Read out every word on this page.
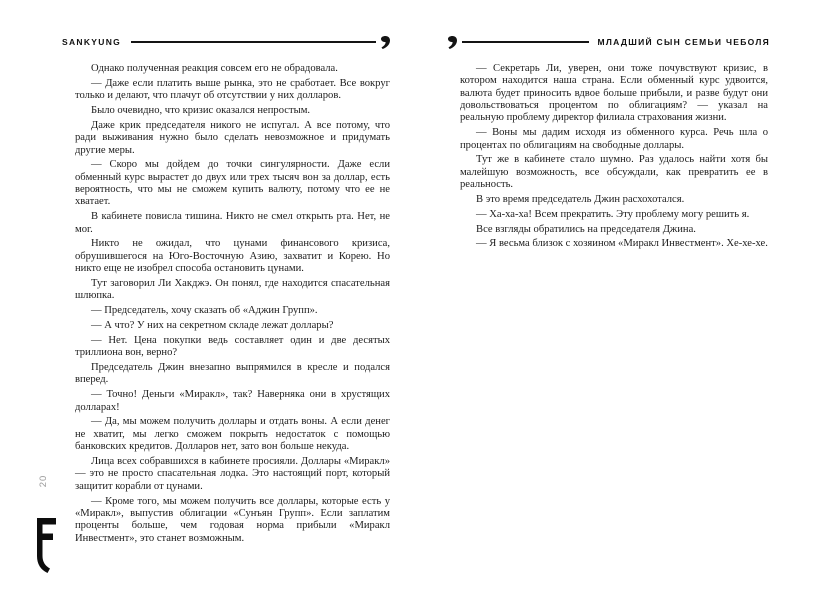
SANKYUNG

Однако полученная реакция совсем его не обрадовала.

— Даже если платить выше рынка, это не сработает. Все вокруг только и делают, что плачут об отсутствии у них долларов.

Было очевидно, что кризис оказался непростым.

Даже крик председателя никого не испугал. А все потому, что ради выживания нужно было сделать невозможное и придумать другие меры.

— Скоро мы дойдем до точки сингулярности. Даже если обменный курс вырастет до двух или трех тысяч вон за доллар, есть вероятность, что мы не сможем купить валюту, потому что ее не хватает.

В кабинете повисла тишина. Никто не смел открыть рта. Нет, не мог.

Никто не ожидал, что цунами финансового кризиса, обрушившегося на Юго-Восточную Азию, захватит и Корею. Но никто еще не изобрел способа остановить цунами.

Тут заговорил Ли Хакджэ. Он понял, где находится спасательная шлюпка.

— Председатель, хочу сказать об «Аджин Групп».

— А что? У них на секретном складе лежат доллары?

— Нет. Цена покупки ведь составляет один и две десятых триллиона вон, верно?

Председатель Джин внезапно выпрямился в кресле и подался вперед.

— Точно! Деньги «Миракл», так? Наверняка они в хрустящих долларах!

— Да, мы можем получить доллары и отдать воны. А если денег не хватит, мы легко сможем покрыть недостаток с помощью банковских кредитов. Долларов нет, зато вон больше некуда.

Лица всех собравшихся в кабинете просияли. Доллары «Миракл» — это не просто спасательная лодка. Это настоящий порт, который защитит корабли от цунами.

— Кроме того, мы можем получить все доллары, которые есть у «Миракл», выпустив облигации «Сунъян Групп». Если заплатим проценты больше, чем годовая норма прибыли «Миракл Инвестмент», это станет возможным.

МЛАДШИЙ СЫН СЕМЬИ ЧЕБОЛЯ

— Секретарь Ли, уверен, они тоже почувствуют кризис, в котором находится наша страна. Если обменный курс удвоится, валюта будет приносить вдвое больше прибыли, и разве будут они довольствоваться процентом по облигациям? — указал на реальную проблему директор филиала страхования жизни.

— Воны мы дадим исходя из обменного курса. Речь шла о процентах по облигациям на свободные доллары.

Тут же в кабинете стало шумно. Раз удалось найти хотя бы малейшую возможность, все обсуждали, как превратить ее в реальность.

В это время председатель Джин расхохотался.

— Ха-ха-ха! Всем прекратить. Эту проблему могу решить я.

Все взгляды обратились на председателя Джина.

— Я весьма близок с хозяином «Миракл Инвестмент». Хе-хе-хе.

20
